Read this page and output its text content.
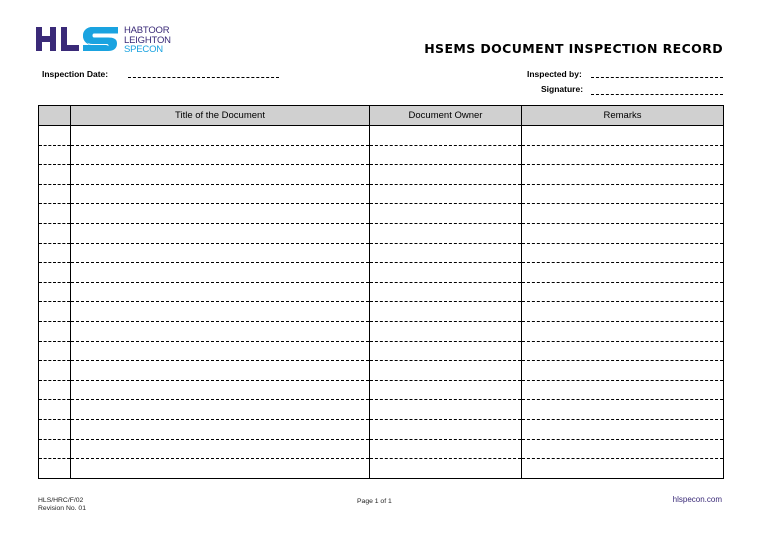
HABTOOR
LEIGHTON
SPECON	HSEMS DOCUMENT INSPECTION RECORD
Inspection Date:	Inspected by:
Signature:
	Title of the Document	Document Owner	Remarks

HLS/HRC/F/02
Revision No. 01
Page 1 of 1	hlspecon.com
